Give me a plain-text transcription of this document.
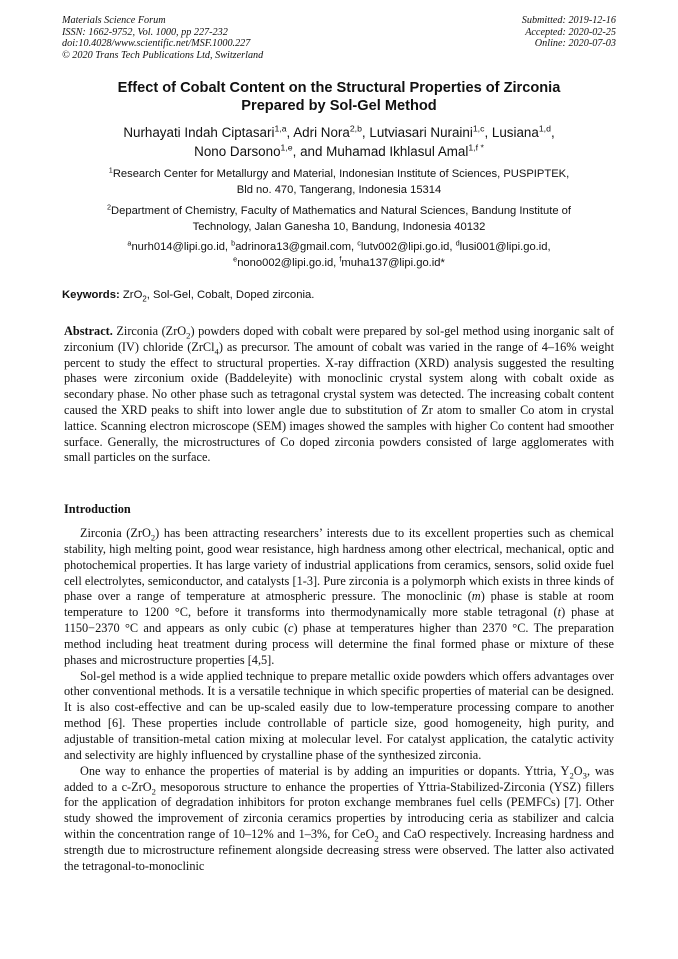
Materials Science Forum
ISSN: 1662-9752, Vol. 1000, pp 227-232
doi:10.4028/www.scientific.net/MSF.1000.227
© 2020 Trans Tech Publications Ltd, Switzerland
Submitted: 2019-12-16
Accepted: 2020-02-25
Online: 2020-07-03
Effect of Cobalt Content on the Structural Properties of Zirconia
Prepared by Sol-Gel Method
Nurhayati Indah Ciptasari$^{1,a}$, Adri Nora$^{2,b}$, Lutviasari Nuraini$^{1,c}$, Lusiana$^{1,d}$,
Nono Darsono$^{1,e}$, and Muhamad Ikhlasul Amal$^{1,f *}$
$^1$Research Center for Metallurgy and Material, Indonesian Institute of Sciences, PUSPIPTEK,
Bld no. 470, Tangerang, Indonesia 15314
$^2$Department of Chemistry, Faculty of Mathematics and Natural Sciences, Bandung Institute of
Technology, Jalan Ganesha 10, Bandung, Indonesia 40132
$^a$nurh014@lipi.go.id, $^b$adrinora13@gmail.com, $^c$lutv002@lipi.go.id, $^d$lusi001@lipi.go.id,
$^e$nono002@lipi.go.id, $^f$muha137@lipi.go.id*
Keywords: ZrO$_2$, Sol-Gel, Cobalt, Doped zirconia.
Abstract. Zirconia (ZrO$_2$) powders doped with cobalt were prepared by sol-gel method using inorganic salt of zirconium (IV) chloride (ZrCl$_4$) as precursor. The amount of cobalt was varied in the range of 4–16% weight percent to study the effect to structural properties. X-ray diffraction (XRD) analysis suggested the resulting phases were zirconium oxide (Baddeleyite) with monoclinic crystal system along with cobalt oxide as secondary phase. No other phase such as tetragonal crystal system was detected. The increasing cobalt content caused the XRD peaks to shift into lower angle due to substitution of Zr atom to smaller Co atom in crystal lattice. Scanning electron microscope (SEM) images showed the samples with higher Co content had smoother surface. Generally, the microstructures of Co doped zirconia powders consisted of large agglomerates with small particles on the surface.
Introduction

Zirconia (ZrO$_2$) has been attracting researchers’ interests due to its excellent properties such as chemical stability, high melting point, good wear resistance, high hardness among other electrical, mechanical, optic and photochemical properties. It has large variety of industrial applications from ceramics, sensors, solid oxide fuel cell electrolytes, semiconductor, and catalysts [1-3]. Pure zirconia is a polymorph which exists in three kinds of phase over a range of temperature at atmospheric pressure. The monoclinic (m) phase is stable at room temperature to 1200 °C, before it transforms into thermodynamically more stable tetragonal (t) phase at 1150−2370 °C and appears as only cubic (c) phase at temperatures higher than 2370 °C. The preparation method including heat treatment during process will determine the final formed phase or mixture of these phases and microstructure properties [4,5].

Sol-gel method is a wide applied technique to prepare metallic oxide powders which offers advantages over other conventional methods. It is a versatile technique in which specific properties of material can be designed. It is also cost-effective and can be up-scaled easily due to low-temperature processing compare to another method [6]. These properties include controllable of particle size, good homogeneity, high purity, and adjustable of transition-metal cation mixing at molecular level. For catalyst application, the catalytic activity and selectivity are highly influenced by crystalline phase of the synthesized zirconia.

One way to enhance the properties of material is by adding an impurities or dopants. Yttria, $Y_2O_3$, was added to a c-ZrO$_2$ mesoporous structure to enhance the properties of Yttria-Stabilized-Zirconia (YSZ) fillers for the application of degradation inhibitors for proton exchange membranes fuel cells (PEMFCs) [7]. Other study showed the improvement of zirconia ceramics properties by introducing ceria as stabilizer and calcia within the concentration range of 10–12% and 1–3%, for CeO$_2$ and CaO respectively. Increasing hardness and strength due to microstructure refinement alongside decreasing stress were observed. The latter also activated the tetragonal-to-monoclinic
